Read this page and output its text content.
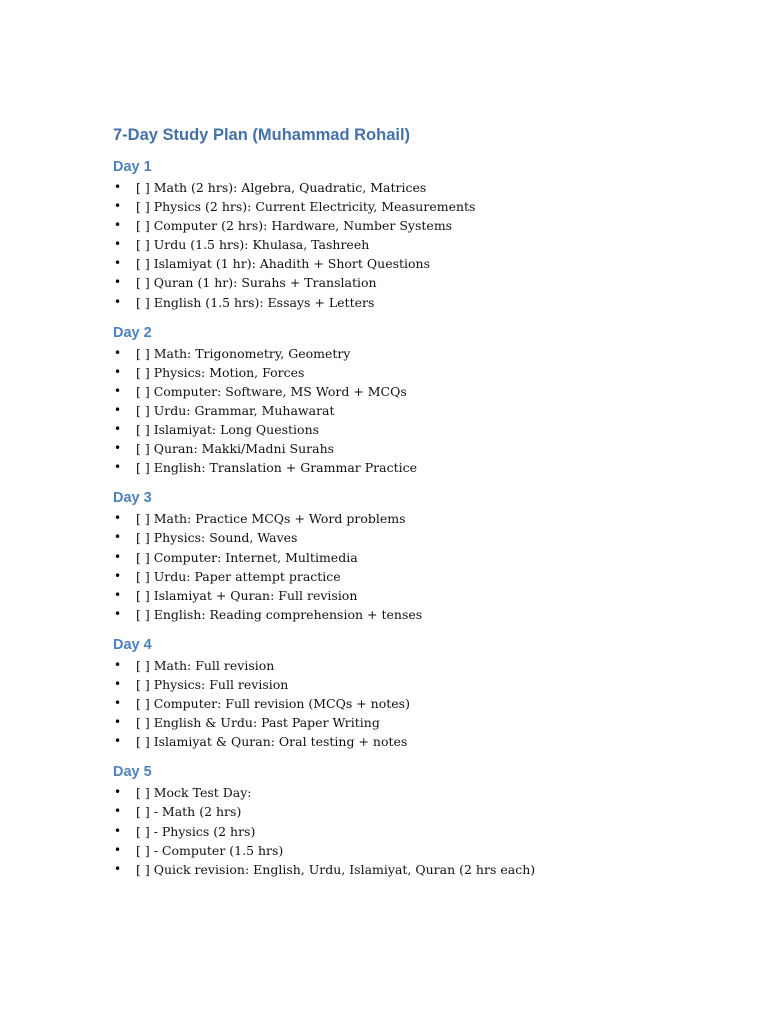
7-Day Study Plan (Muhammad Rohail)
Day 1
• [ ] Math (2 hrs): Algebra, Quadratic, Matrices
• [ ] Physics (2 hrs): Current Electricity, Measurements
• [ ] Computer (2 hrs): Hardware, Number Systems
• [ ] Urdu (1.5 hrs): Khulasa, Tashreeh
• [ ] Islamiyat (1 hr): Ahadith + Short Questions
• [ ] Quran (1 hr): Surahs + Translation
• [ ] English (1.5 hrs): Essays + Letters
Day 2
• [ ] Math: Trigonometry, Geometry
• [ ] Physics: Motion, Forces
• [ ] Computer: Software, MS Word + MCQs
• [ ] Urdu: Grammar, Muhawarat
• [ ] Islamiyat: Long Questions
• [ ] Quran: Makki/Madni Surahs
• [ ] English: Translation + Grammar Practice
Day 3
• [ ] Math: Practice MCQs + Word problems
• [ ] Physics: Sound, Waves
• [ ] Computer: Internet, Multimedia
• [ ] Urdu: Paper attempt practice
• [ ] Islamiyat + Quran: Full revision
• [ ] English: Reading comprehension + tenses
Day 4
• [ ] Math: Full revision
• [ ] Physics: Full revision
• [ ] Computer: Full revision (MCQs + notes)
• [ ] English & Urdu: Past Paper Writing
• [ ] Islamiyat & Quran: Oral testing + notes
Day 5
• [ ] Mock Test Day:
• [ ] - Math (2 hrs)
• [ ] - Physics (2 hrs)
• [ ] - Computer (1.5 hrs)
• [ ] Quick revision: English, Urdu, Islamiyat, Quran (2 hrs each)
